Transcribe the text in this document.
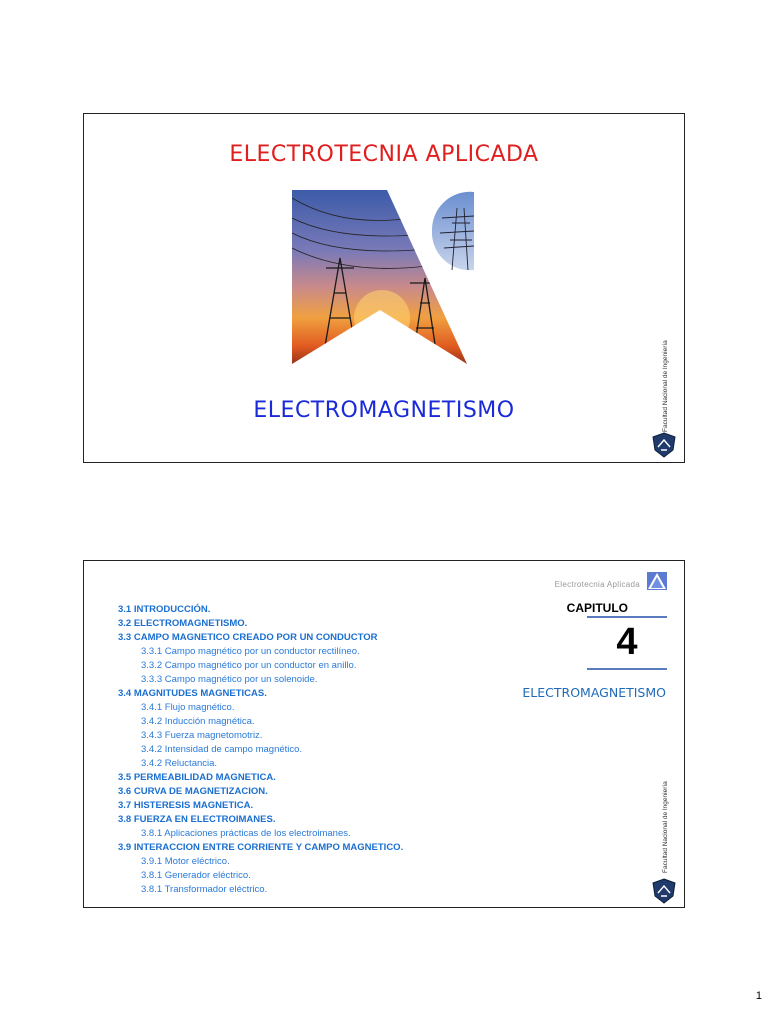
ELECTROTECNIA APLICADA
ELECTROMAGNETISMO	Facultad Nacional de Ingeniería
Electrotecnia Aplicada
CAPITULO
4
ELECTROMAGNETISMO
3.1 INTRODUCCIÓN.
3.2 ELECTROMAGNETISMO.
3.3 CAMPO MAGNETICO CREADO POR UN CONDUCTOR
3.3.1 Campo magnético por un conductor rectilíneo.
3.3.2 Campo magnético por un conductor en anillo.
3.3.3 Campo magnético por un solenoide.
3.4 MAGNITUDES MAGNETICAS.
3.4.1 Flujo magnético.
3.4.2 Inducción magnética.
3.4.3 Fuerza magnetomotriz.
3.4.2 Intensidad de campo magnético.
3.4.2 Reluctancia.
3.5 PERMEABILIDAD MAGNETICA.
3.6 CURVA DE MAGNETIZACION.
3.7 HISTERESIS MAGNETICA.
3.8 FUERZA EN ELECTROIMANES.
3.8.1 Aplicaciones prácticas de los electroimanes.
3.9 INTERACCION ENTRE CORRIENTE Y CAMPO MAGNETICO.
3.9.1 Motor eléctrico.
3.8.1 Generador eléctrico.
3.8.1 Transformador eléctrico.
Facultad Nacional de Ingeniería
1
